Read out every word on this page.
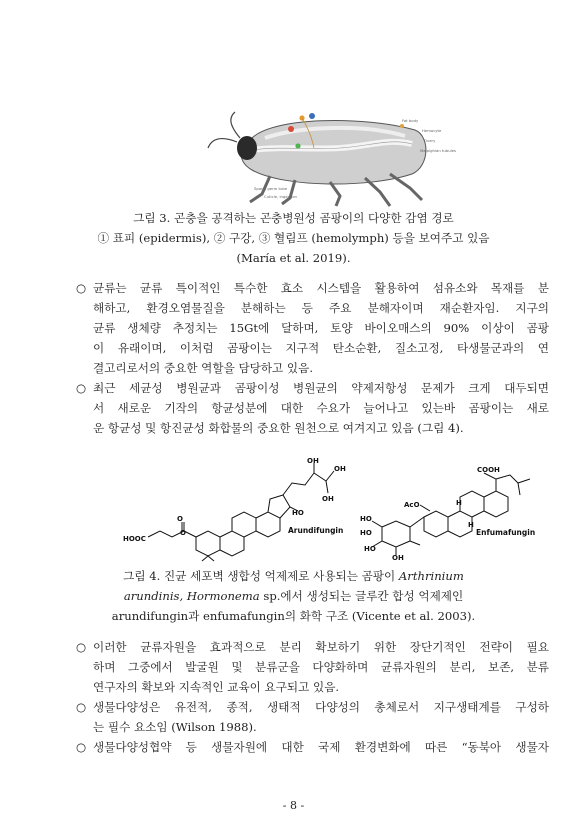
Spore, germ tube
Cuticle, ingestion
Fat body
Hemocyte
Ovary
Malpighian tubules
그림 3. 곤충을 공격하는 곤충병원성 곰팡이의 다양한 감염 경로
① 표피 (epidermis), ② 구강, ③ 혈림프 (hemolymph) 등을 보여주고 있음
(María et al. 2019).
○ 균류는 균류 특이적인 특수한 효소 시스템을 활용하여 섬유소와 목재를 분
해하고, 환경오염물질을 분해하는 등 주요 분해자이며 재순환자임. 지구의
균류 생체량 추정치는 15Gt에 달하며, 토양 바이오매스의 90% 이상이 곰팡
이 유래이며, 이처럼 곰팡이는 지구적 탄소순환, 질소고정, 타생물군과의 연
결고리로서의 중요한 역할을 담당하고 있음.
○ 최근 세균성 병원균과 곰팡이성 병원균의 약제저항성 문제가 크게 대두되면
서 새로운 기작의 항균성분에 대한 수요가 늘어나고 있는바 곰팡이는 새로
운 항균성 및 항진균성 화합물의 중요한 원천으로 여겨지고 있음 (그림 4).
HOOC
O
O
OH
OH
OH
HO
Arundifungin
COOH
AcO
HO
HO
HO
OH
H
H
Enfumafungin
그림 4. 진균 세포벽 생합성 억제제로 사용되는 곰팡이 Arthrinium
arundinis, Hormonema sp.에서 생성되는 글루칸 합성 억제제인
arundifungin과 enfumafungin의 화학 구조 (Vicente et al. 2003).
○ 이러한 균류자원을 효과적으로 분리 확보하기 위한 장단기적인 전략이 필요
하며 그중에서 발굴원 및 분류군을 다양화하며 균류자원의 분리, 보존, 분류
연구자의 확보와 지속적인 교육이 요구되고 있음.
○ 생물다양성은 유전적, 종적, 생태적 다양성의 총체로서 지구생태계를 구성하
는 필수 요소임 (Wilson 1988).
○ 생물다양성협약 등 생물자원에 대한 국제 환경변화에 따른 “동북아 생물자
- 8 -
